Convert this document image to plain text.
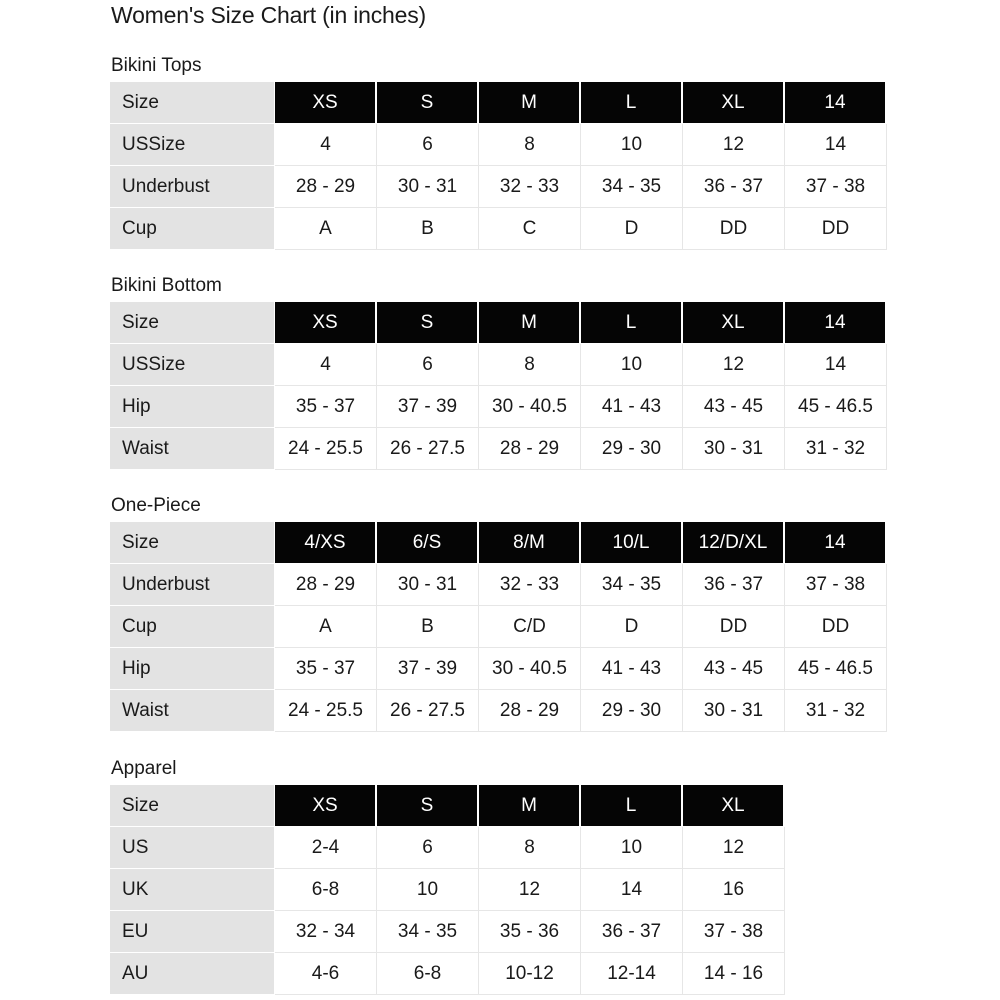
Women's Size Chart (in inches)
Bikini Tops
Size	XS	S	M	L	XL	14
USSize	4	6	8	10	12	14
Underbust	28 - 29	30 - 31	32 - 33	34 - 35	36 - 37	37 - 38
Cup	A	B	C	D	DD	DD
Bikini Bottom
Size	XS	S	M	L	XL	14
USSize	4	6	8	10	12	14
Hip	35 - 37	37 - 39	30 - 40.5	41 - 43	43 - 45	45 - 46.5
Waist	24 - 25.5	26 - 27.5	28 - 29	29 - 30	30 - 31	31 - 32
One-Piece
Size	4/XS	6/S	8/M	10/L	12/D/XL	14
Underbust	28 - 29	30 - 31	32 - 33	34 - 35	36 - 37	37 - 38
Cup	A	B	C/D	D	DD	DD
Hip	35 - 37	37 - 39	30 - 40.5	41 - 43	43 - 45	45 - 46.5
Waist	24 - 25.5	26 - 27.5	28 - 29	29 - 30	30 - 31	31 - 32
Apparel
Size	XS	S	M	L	XL
US	2-4	6	8	10	12
UK	6-8	10	12	14	16
EU	32 - 34	34 - 35	35 - 36	36 - 37	37 - 38
AU	4-6	6-8	10-12	12-14	14 - 16
